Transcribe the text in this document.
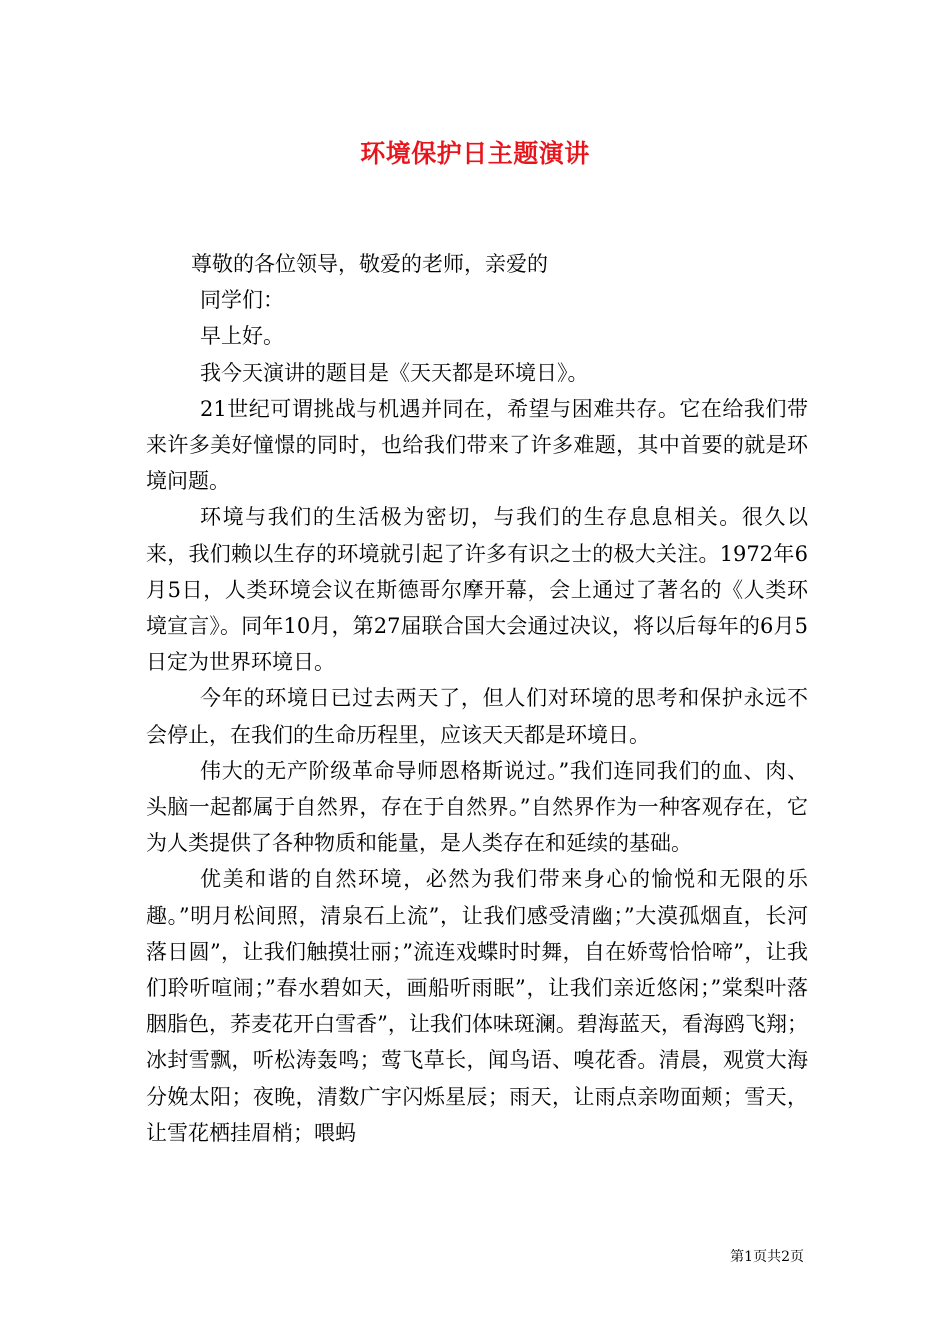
环境保护日主题演讲

尊敬的各位领导，敬爱的老师，亲爱的

同学们：

早上好。

我今天演讲的题目是《天天都是环境日》。

21世纪可谓挑战与机遇并同在，希望与困难共存。它在给我们带来许多美好憧憬的同时，也给我们带来了许多难题，其中首要的就是环境问题。

环境与我们的生活极为密切，与我们的生存息息相关。很久以来，我们赖以生存的环境就引起了许多有识之士的极大关注。1972年6月5日，人类环境会议在斯德哥尔摩开幕，会上通过了著名的《人类环境宣言》。同年10月，第27届联合国大会通过决议，将以后每年的6月5日定为世界环境日。

今年的环境日已过去两天了，但人们对环境的思考和保护永远不会停止，在我们的生命历程里，应该天天都是环境日。

伟大的无产阶级革命导师恩格斯说过。”我们连同我们的血、肉、头脑一起都属于自然界，存在于自然界。”自然界作为一种客观存在，它为人类提供了各种物质和能量，是人类存在和延续的基础。

优美和谐的自然环境，必然为我们带来身心的愉悦和无限的乐趣。”明月松间照，清泉石上流”，让我们感受清幽；”大漠孤烟直，长河落日圆”，让我们触摸壮丽；”流连戏蝶时时舞，自在娇莺恰恰啼”，让我们聆听喧闹；”春水碧如天，画船听雨眠”，让我们亲近悠闲；”棠梨叶落胭脂色，荞麦花开白雪香”，让我们体味斑澜。碧海蓝天，看海鸥飞翔；冰封雪飘，听松涛轰鸣；莺飞草长，闻鸟语、嗅花香。清晨，观赏大海分娩太阳；夜晚，清数广宇闪烁星辰；雨天，让雨点亲吻面颊；雪天，让雪花栖挂眉梢；喂蚂

第1页共2页
